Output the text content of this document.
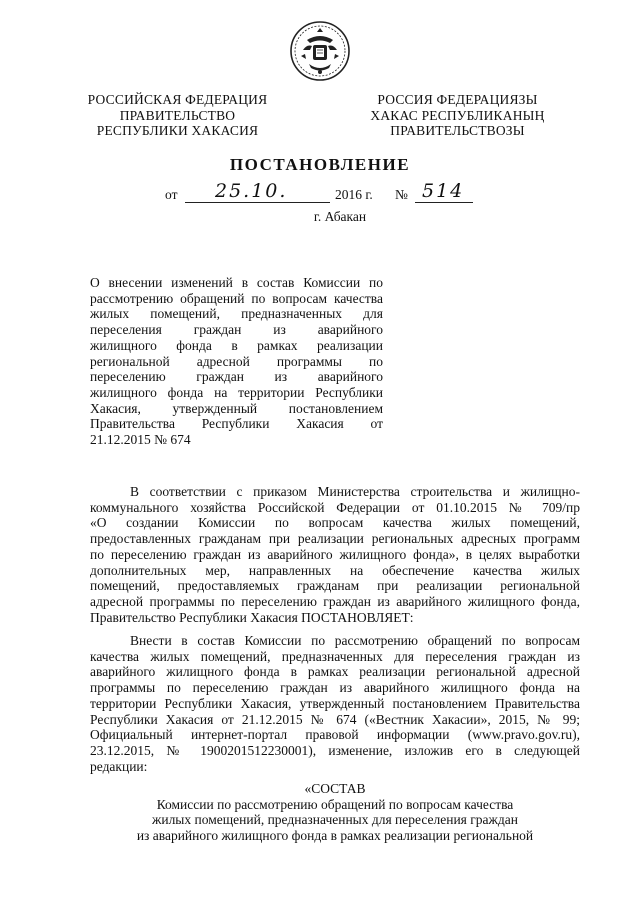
РОССИЙСКАЯ ФЕДЕРАЦИЯ
ПРАВИТЕЛЬСТВО
РЕСПУБЛИКИ ХАКАСИЯ
РОССИЯ ФЕДЕРАЦИЯЗЫ
ХАКАС РЕСПУБЛИКАНЫҢ
ПРАВИТЕЛЬСТВОЗЫ
ПОСТАНОВЛЕНИЕ
от 25.10.	2016 г. № 514
г. Абакан
О внесении изменений в состав Комиссии по
рассмотрению обращений по вопросам качества
жилых помещений, предназначенных для
переселения граждан из аварийного
жилищного фонда в рамках реализации
региональной адресной программы по
переселению граждан из аварийного
жилищного фонда на территории Республики
Хакасия, утвержденный постановлением
Правительства Республики Хакасия от
21.12.2015 № 674
В соответствии с приказом Министерства строительства и жилищно-
коммунального хозяйства Российской Федерации от 01.10.2015 № 709/пр
«О создании Комиссии по вопросам качества жилых помещений,
предоставленных гражданам при реализации региональных адресных программ
по переселению граждан из аварийного жилищного фонда», в целях выработки
дополнительных мер, направленных на обеспечение качества жилых
помещений, предоставляемых гражданам при реализации региональной
адресной программы по переселению граждан из аварийного жилищного фонда,
Правительство Республики Хакасия ПОСТАНОВЛЯЕТ:
Внести в состав Комиссии по рассмотрению обращений по вопросам
качества жилых помещений, предназначенных для переселения граждан из
аварийного жилищного фонда в рамках реализации региональной адресной
программы по переселению граждан из аварийного жилищного фонда на
территории Республики Хакасия, утвержденный постановлением Правительства
Республики Хакасия от 21.12.2015 № 674 («Вестник Хакасии», 2015, № 99;
Официальный интернет-портал правовой информации (www.pravo.gov.ru),
23.12.2015, № 1900201512230001), изменение, изложив его в следующей
редакции:
«СОСТАВ
Комиссии по рассмотрению обращений по вопросам качества
жилых помещений, предназначенных для переселения граждан
из аварийного жилищного фонда в рамках реализации региональной
